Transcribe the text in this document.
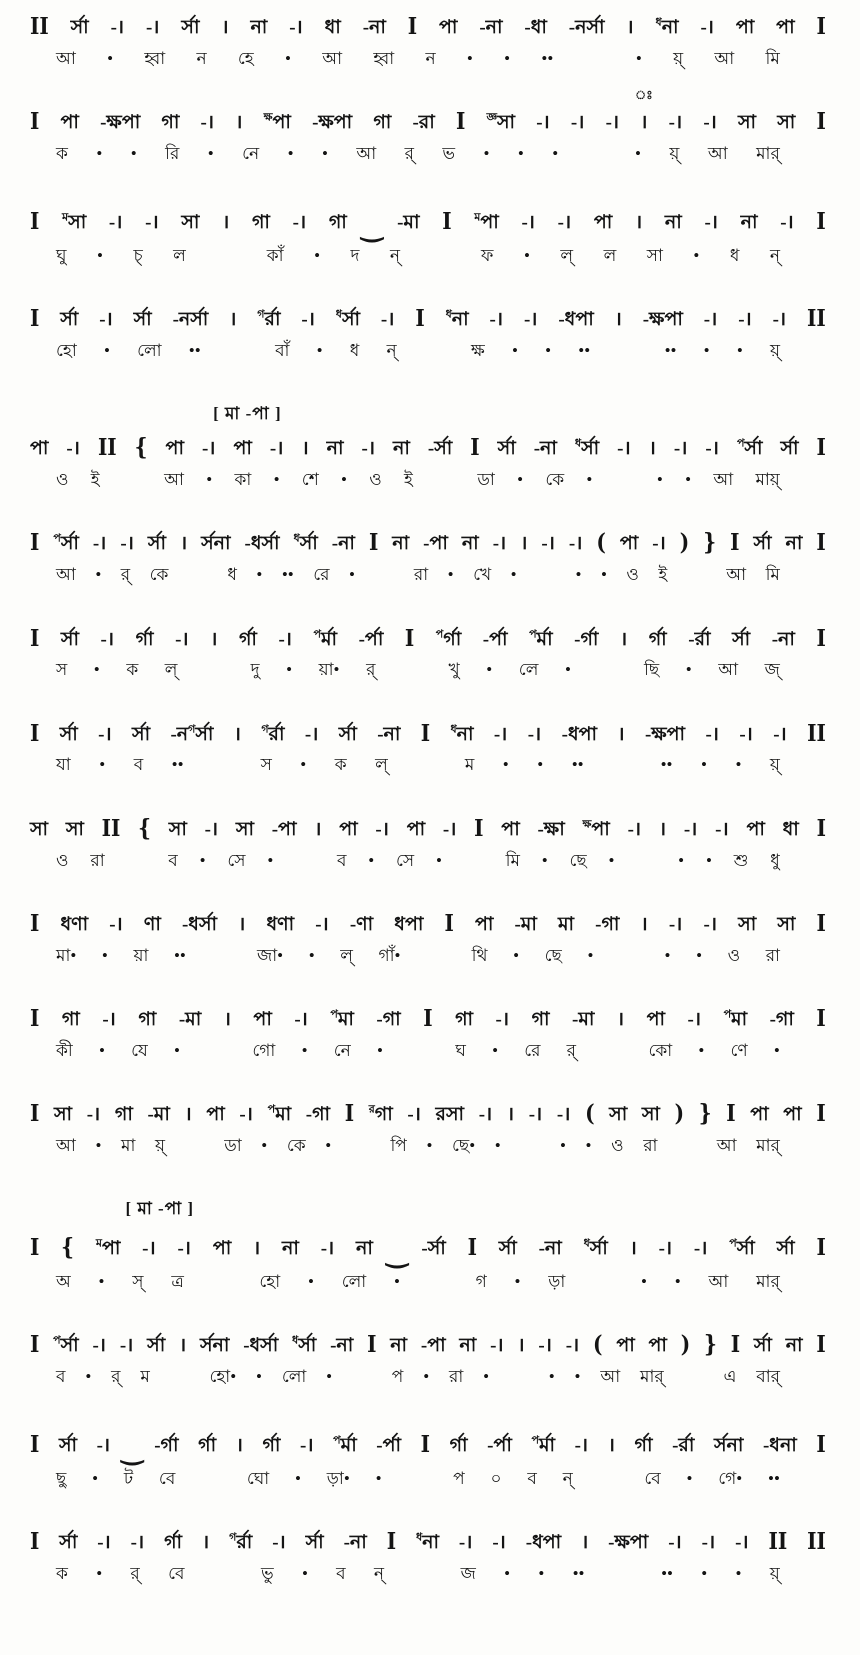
II র্সা -। -। র্সা । না -। ধা -না I পা -না -ধা -নর্সা । $^ধ$না -। পা পা I
আ • হ্বা ন হে • আ হ্বা ন • • ••	• য়্ আ মি
ঃ
I পা -ক্ষপা গা -। । $^{ক্ষ}$পা -ক্ষপা গা -রা I $^{জ্ঞ}$সা -। -। -। । -। -। সা সা I
ক • • রি • নে • • আ র্ ভ • • •	• য়্ আ মার্
I $^ম$সা -। -। সা । গা -। গা ‿ -মা I $^ম$পা -। -। পা । না -। না -। I
ঘু • চ্ ল	কাঁ • দ ন্	ফ • ল্ ল সা • ধ ন্
I র্সা -। র্সা -নর্সা । $^গ$র্রা -। $^ধ$র্সা -। I $^ধ$না -। -। -ধপা । -ক্ষপা -। -। -। II
হো • লো ••	বাঁ • ধ ন্	ক্ষ • • ••	•• • • য়্
[ মা -পা ]
পা -। II { পা -। পা -। । না -। না -র্সা I র্সা -না $^ধ$র্সা -। । -। -। $^প$র্সা র্সা I
ও ই	আ • কা • শে • ও ই	ডা • কে •	• • আ মায়্
I $^প$র্সা -। -। র্সা । র্সনা -ধর্সা $^ধ$র্সা -না I না -পা না -। । -। -। ( পা -। ) } I র্সা না I
আ • র্ কে	ধ • •• রে •	রা • খে •	• • ও ই	আ মি
I র্সা -। র্গা -। । র্গা -। $^প$র্মা -র্পা I $^প$র্গা -র্পা $^প$র্মা -র্গা । র্গা -র্রা র্সা -না I
স • ক ল্	দু • য়া• র্	খু • লে •	ছি • আ জ্
I র্সা -। র্সা -ন$^গ$র্সা । $^গ$র্রা -। র্সা -না I $^ধ$না -। -। -ধপা । -ক্ষপা -। -। -। II
যা • ব ••	স • ক ল্	ম • • ••	•• • • য়্
সা সা II { সা -। সা -পা । পা -। পা -। I পা -ক্ষা $^{ক্ষ}$পা -। । -। -। পা ধা I
ও রা	ব • সে •	ব • সে •	মি • ছে •	• • শু ধু
I ধণা -। ণা -ধর্সা । ধণা -। -ণা ধপা I পা -মা মা -গা । -। -। সা সা I
মা• • য়া ••	জা• • ল্ গাঁ•	থি • ছে •	• • ও রা
I গা -। গা -মা । পা -। $^প$মা -গা I গা -। গা -মা । পা -। $^প$মা -গা I
কী • যে •	গো • নে •	ঘ • রে র্	কো • ণে •
I সা -। গা -মা । পা -। $^প$মা -গা I $^র$গা -। রসা -। । -। -। ( সা সা ) } I পা পা I
আ • মা য়্	ডা • কে •	পি • ছে• •	• • ও রা	আ মার্
[ মা -পা ]
I { $^ম$পা -। -। পা । না -। না ‿ -র্সা I র্সা -না $^ধ$র্সা । -। -। $^প$র্সা র্সা I
অ • স্ ত্র	হো • লো •	গ • ড়া	• • আ মার্
I $^প$র্সা -। -। র্সা । র্সনা -ধর্সা $^ধ$র্সা -না I না -পা না -। । -। -। ( পা পা ) } I র্সা না I
ব • র্ ম	হো• • লো •	প • রা •	• • আ মার্	এ বার্
I র্সা -। ‿ -র্গা র্গা । র্গা -। $^প$র্মা -র্পা I র্গা -র্পা $^প$র্মা -। । র্গা -র্রা র্সনা -ধনা I
ছু • ট বে	ঘো • ড়া• •	প ০ ব ন্	বে • গে• ••
I র্সা -। -। র্গা । $^গ$র্রা -। র্সা -না I $^ধ$না -। -। -ধপা । -ক্ষপা -। -। -। II II
ক • র্ বে	ভু • ব ন্	জ • • ••	•• • • য়্
